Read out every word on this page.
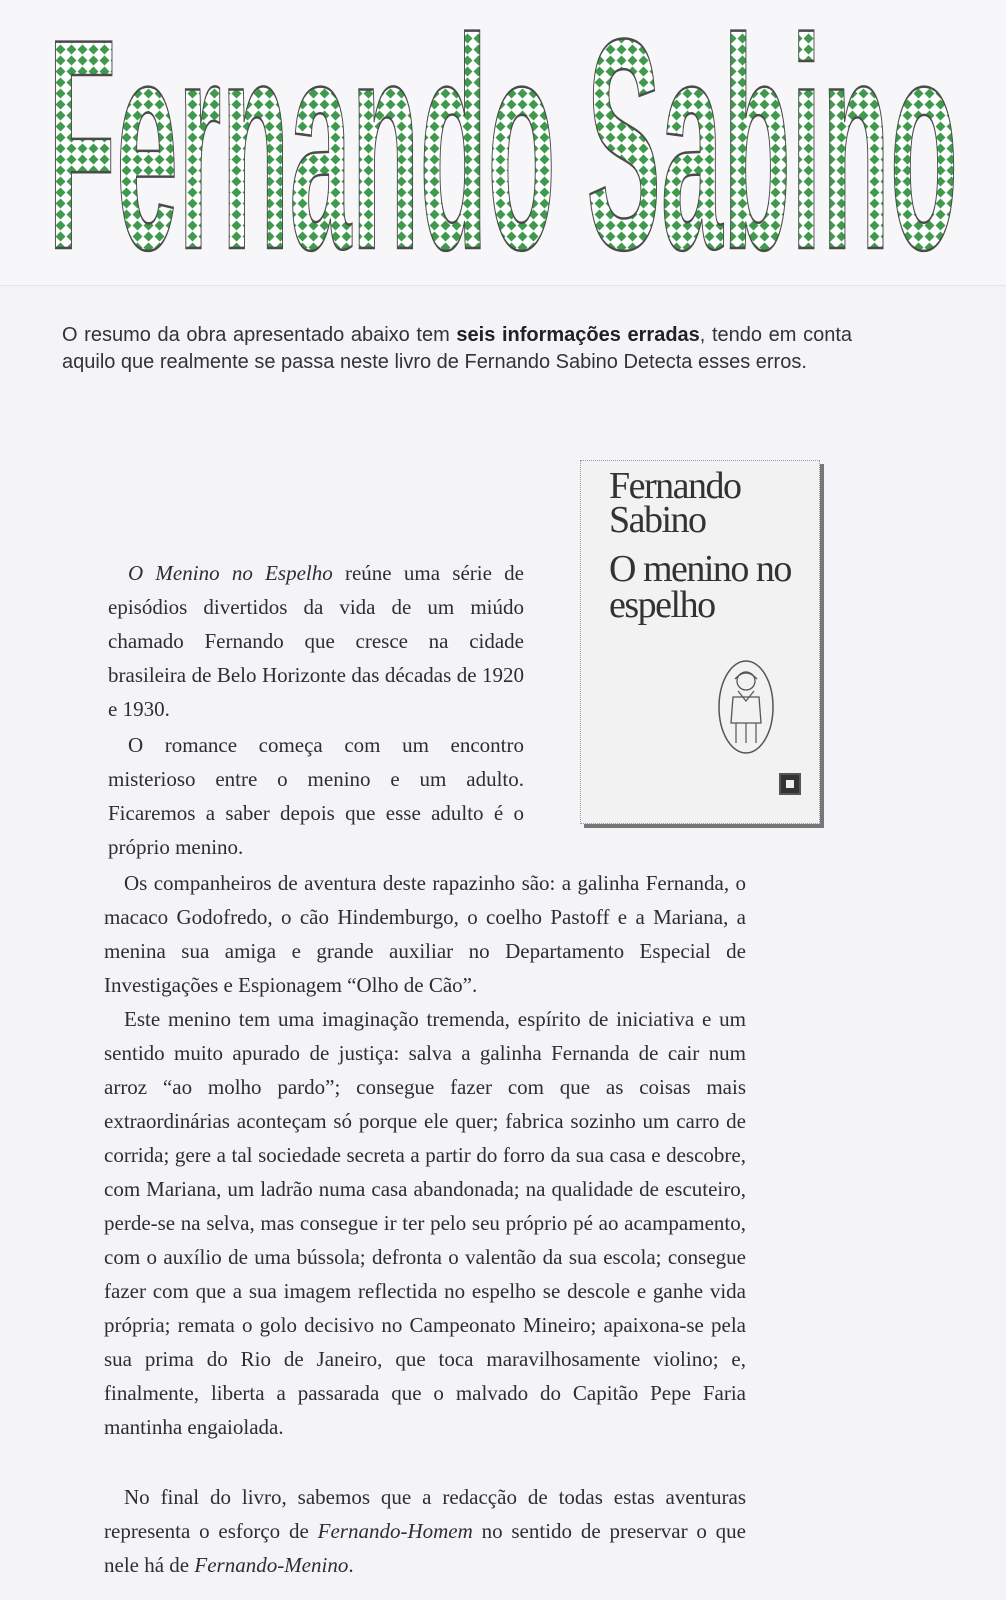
Fernando Sabino
O resumo da obra apresentado abaixo tem seis informações erradas, tendo em conta aquilo que realmente se passa neste livro de Fernando Sabino Detecta esses erros.
Fernando Sabino
O menino no espelho

O Menino no Espelho reúne uma série de episódios divertidos da vida de um miúdo chamado Fernando que cresce na cidade brasileira de Belo Horizonte das décadas de 1920 e 1930.

O romance começa com um encontro misterioso entre o menino e um adulto. Ficaremos a saber depois que esse adulto é o próprio menino.

Os companheiros de aventura deste rapazinho são: a galinha Fernanda, o macaco Godofredo, o cão Hindemburgo, o coelho Pastoff e a Mariana, a menina sua amiga e grande auxiliar no Departamento Especial de Investigações e Espionagem “Olho de Cão”.

Este menino tem uma imaginação tremenda, espírito de iniciativa e um sentido muito apurado de justiça: salva a galinha Fernanda de cair num arroz “ao molho pardo”; consegue fazer com que as coisas mais extraordinárias aconteçam só porque ele quer; fabrica sozinho um carro de corrida; gere a tal sociedade secreta a partir do forro da sua casa e descobre, com Mariana, um ladrão numa casa abandonada; na qualidade de escuteiro, perde-se na selva, mas consegue ir ter pelo seu próprio pé ao acampamento, com o auxílio de uma bússola; defronta o valentão da sua escola; consegue fazer com que a sua imagem reflectida no espelho se descole e ganhe vida própria; remata o golo decisivo no Campeonato Mineiro; apaixona-se pela sua prima do Rio de Janeiro, que toca maravilhosamente violino; e, finalmente, liberta a passarada que o malvado do Capitão Pepe Faria mantinha engaiolada.

No final do livro, sabemos que a redacção de todas estas aventuras representa o esforço de Fernando-Homem no sentido de preservar o que nele há de Fernando-Menino.
